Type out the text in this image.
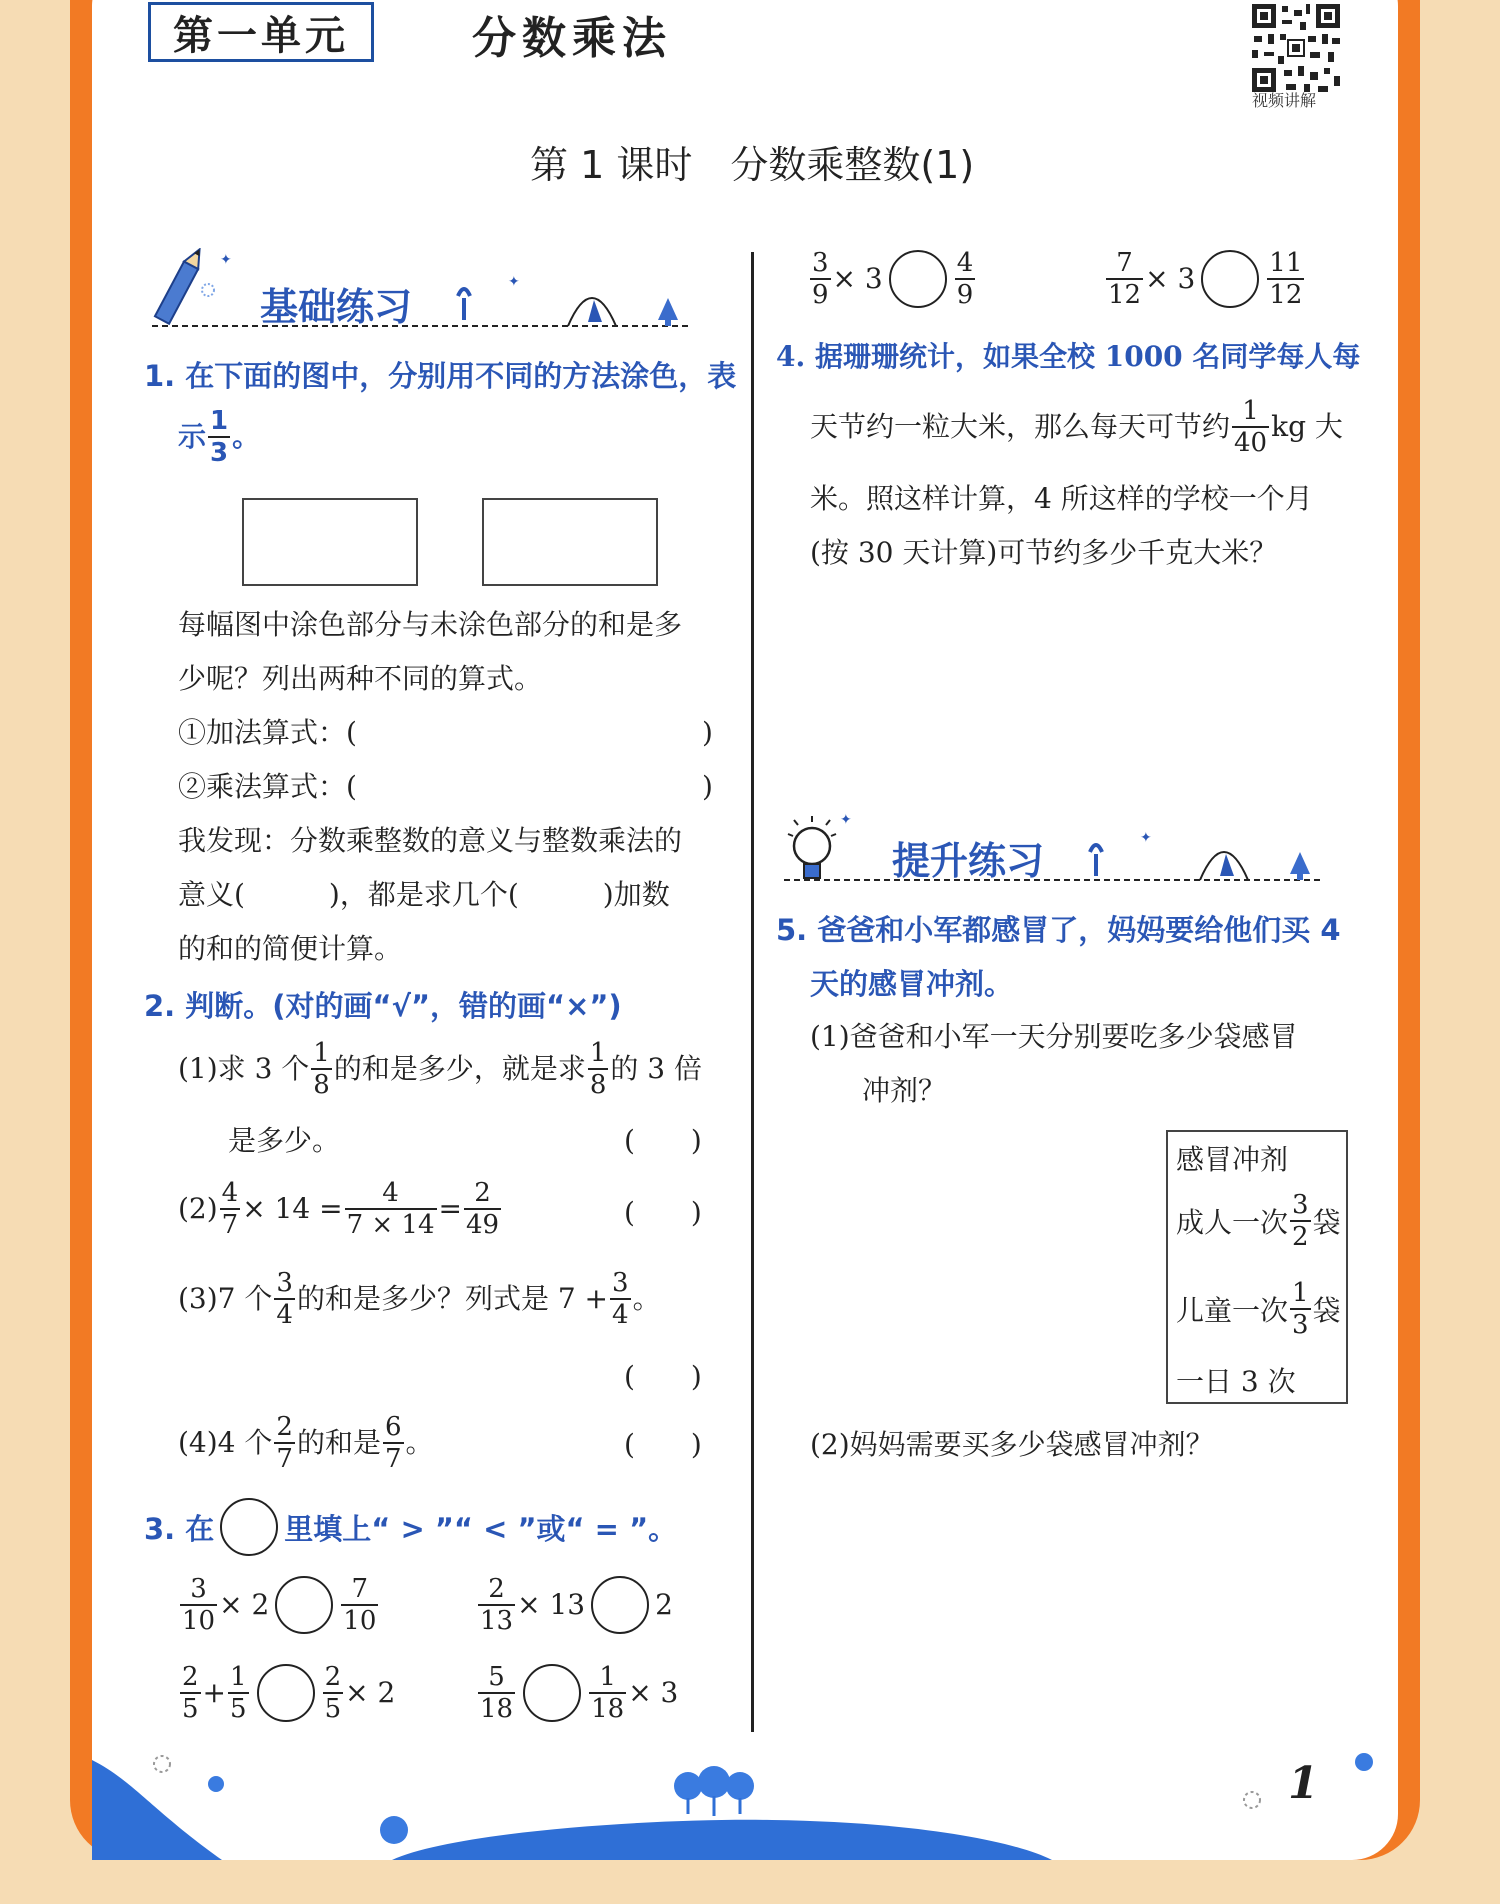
第一单元	分数乘法
视频讲解
第 1 课时　分数乘整数(1)
✦
✦
基础练习
1. 在下面的图中，分别用不同的方法涂色，表
示 $\frac{1}{3}$ 。
每幅图中涂色部分与未涂色部分的和是多
少呢？列出两种不同的算式。
①加法算式：(	)
②乘法算式：(	)
我发现：分数乘整数的意义与整数乘法的
意义(　　　)，都是求几个(　　　)加数
的和的简便计算。
2. 判断。(对的画“√”，错的画“×”)
(1)求 3 个 $\frac{1}{8}$ 的和是多少，就是求 $\frac{1}{8}$ 的 3 倍
是多少。	(　　)
$(2) \frac{4}{7} \times 14 = \frac{4}{7 \times 14} = \frac{2}{49}$	(　　)
(3)7 个 $\frac{3}{4}$ 的和是多少？列式是 $7 + \frac{3}{4}$ 。
(　　)
(4)4 个 $\frac{2}{7}$ 的和是 $\frac{6}{7}$ 。	(　　)
3. 在 里填上“ > ”“ < ”或“ = ”。
$\frac{3}{10} \times 2$	$\frac{7}{10}$	$\frac{2}{13} \times 13$	2
$\frac{2}{5} + \frac{1}{5}$	$\frac{2}{5} \times 2$	$\frac{5}{18}$	$\frac{1}{18} \times 3$
$\frac{3}{9} \times 3$	$\frac{4}{9}$	$\frac{7}{12} \times 3$	$\frac{11}{12}$
4. 据珊珊统计，如果全校 1000 名同学每人每
天节约一粒大米，那么每天可节约 $\frac{1}{40}$ kg 大
米。照这样计算，4 所这样的学校一个月
(按 30 天计算)可节约多少千克大米？
✦
✦
提升练习
5. 爸爸和小军都感冒了，妈妈要给他们买 4
天的感冒冲剂。
(1)爸爸和小军一天分别要吃多少袋感冒
冲剂？
感冒冲剂
成人一次 $\frac{3}{2}$ 袋
儿童一次 $\frac{1}{3}$ 袋
一日 3 次
(2)妈妈需要买多少袋感冒冲剂？
1
